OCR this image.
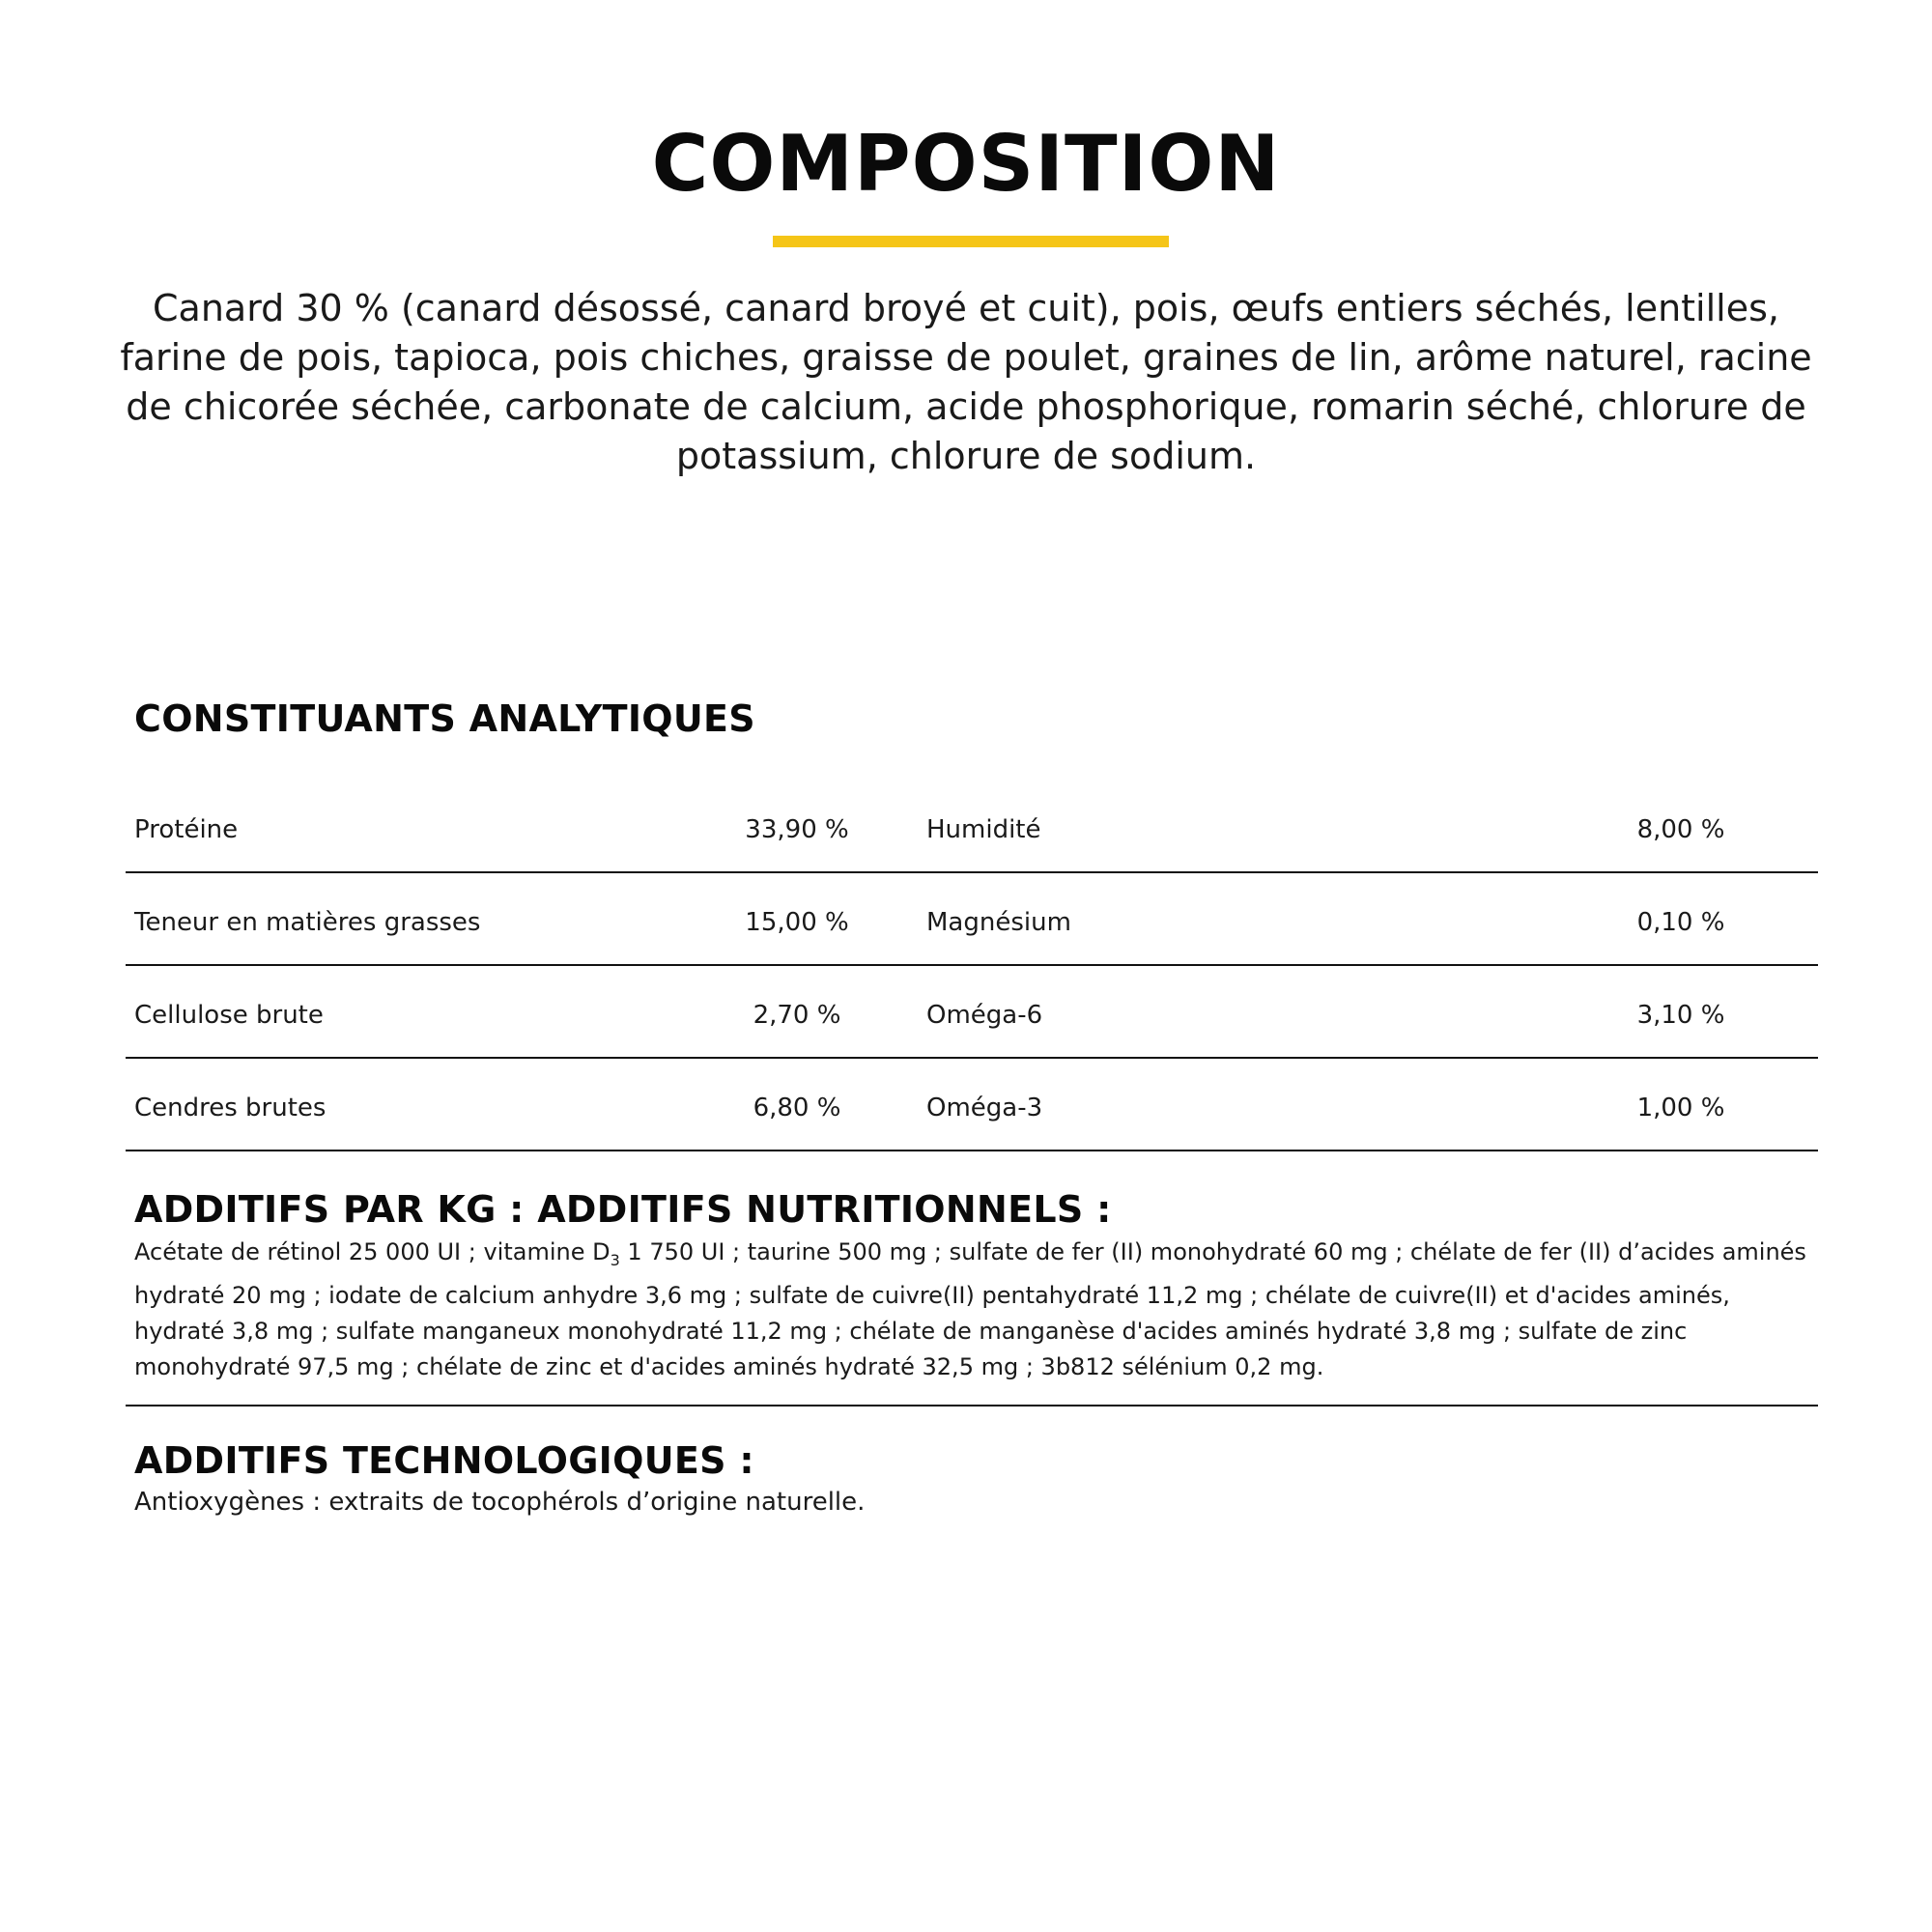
COMPOSITION

Canard 30 % (canard désossé, canard broyé et cuit), pois, œufs entiers séchés, lentilles, farine de pois, tapioca, pois chiches, graisse de poulet, graines de lin, arôme naturel, racine de chicorée séchée, carbonate de calcium, acide phosphorique, romarin séché, chlorure de potassium, chlorure de sodium.

CONSTITUANTS ANALYTIQUES
Protéine	33,90 %	Humidité	8,00 %
Teneur en matières grasses	15,00 %	Magnésium	0,10 %
Cellulose brute	2,70 %	Oméga-6	3,10 %
Cendres brutes	6,80 %	Oméga-3	1,00 %
ADDITIFS PAR KG : ADDITIFS NUTRITIONNELS :

Acétate de rétinol 25 000 UI ; vitamine $D_3$ 1 750 UI ; taurine 500 mg ; sulfate de fer (II) monohydraté 60 mg ; chélate de fer (II) d’acides aminés hydraté 20 mg ; iodate de calcium anhydre 3,6 mg ; sulfate de cuivre(II) pentahydraté 11,2 mg ; chélate de cuivre(II) et d'acides aminés, hydraté 3,8 mg ; sulfate manganeux monohydraté 11,2 mg ; chélate de manganèse d'acides aminés hydraté 3,8 mg ; sulfate de zinc monohydraté 97,5 mg ; chélate de zinc et d'acides aminés hydraté 32,5 mg ; 3b812 sélénium 0,2 mg.

ADDITIFS TECHNOLOGIQUES :

Antioxygènes : extraits de tocophérols d’origine naturelle.
